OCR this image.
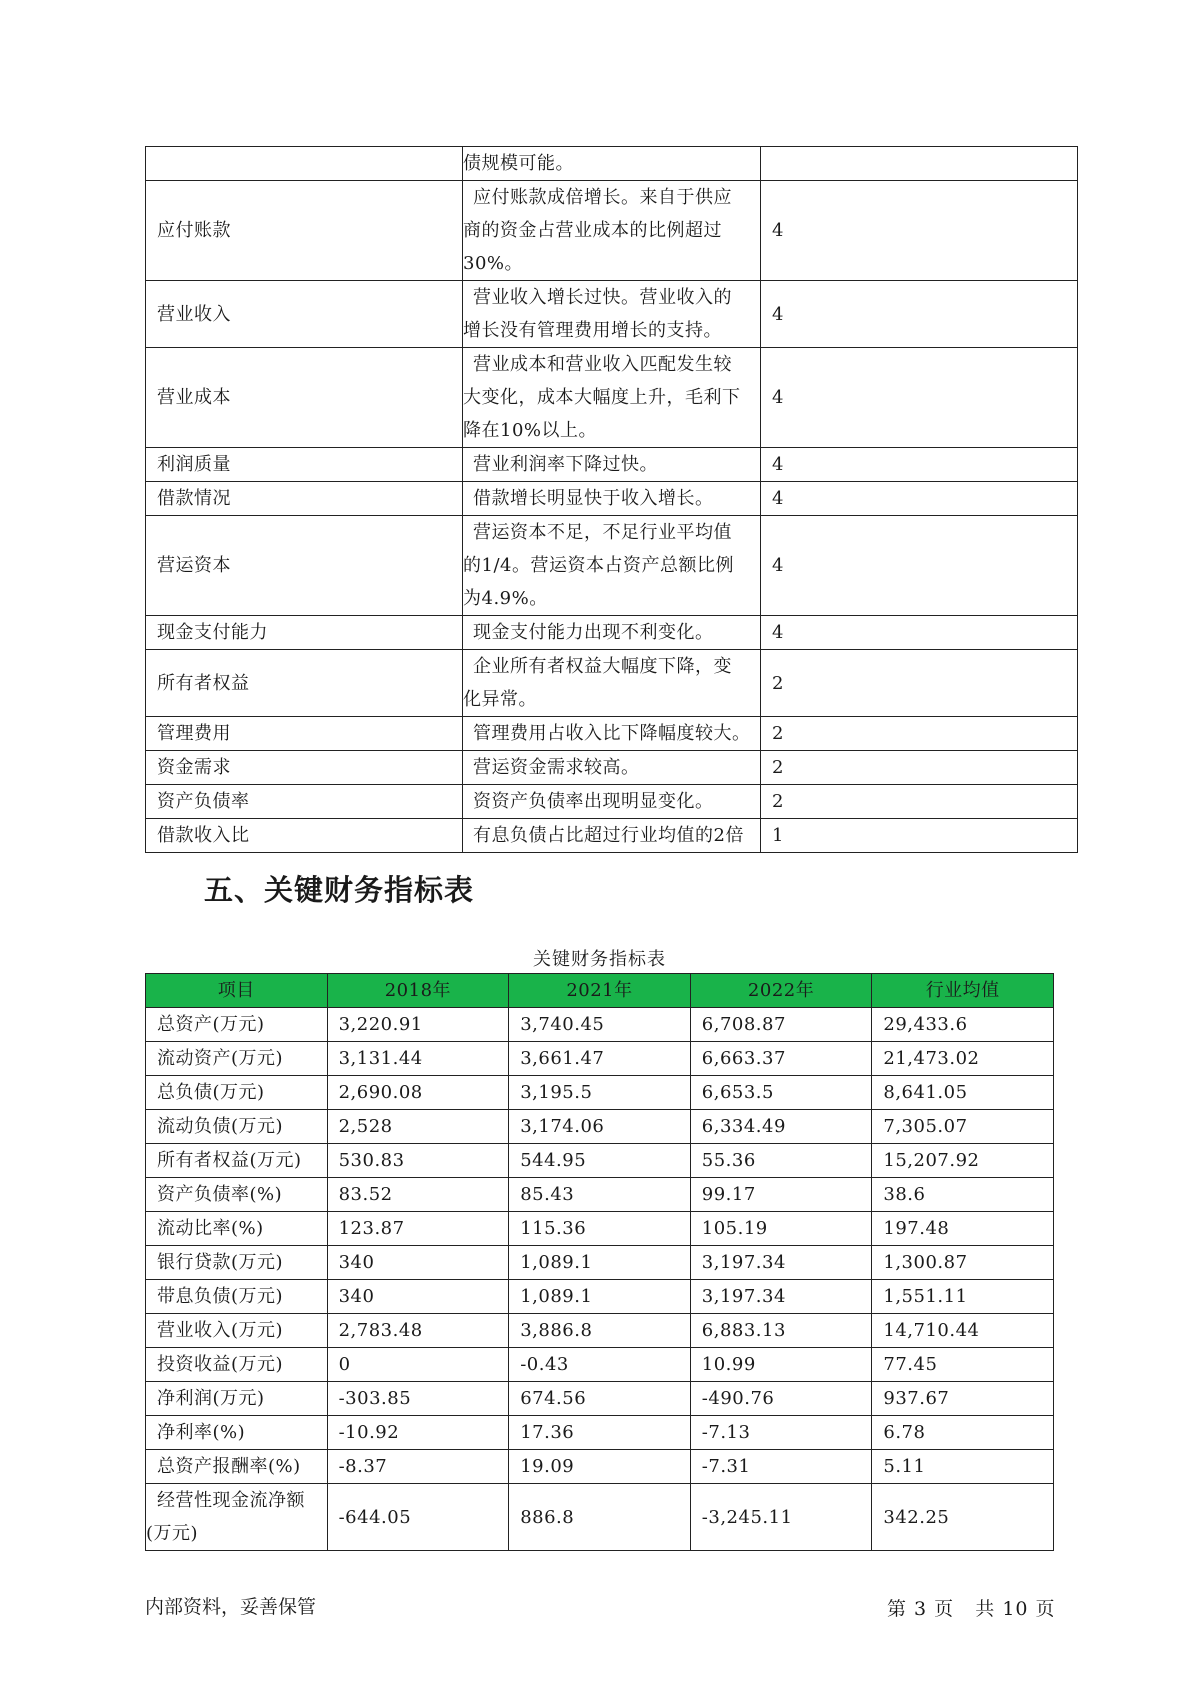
	债规模可能。	

应付账款	应付账款成倍增长。来自于供应
商的资金占营业成本的比例超过
30%。	4
营业收入	营业收入增长过快。营业收入的
增长没有管理费用增长的支持。	4
营业成本	营业成本和营业收入匹配发生较
大变化，成本大幅度上升，毛利下
降在10%以上。	4
利润质量	营业利润率下降过快。	4
借款情况	借款增长明显快于收入增长。	4
营运资本	营运资本不足，不足行业平均值
的1/4。营运资本占资产总额比例
为4.9%。	4
现金支付能力	现金支付能力出现不利变化。	4
所有者权益	企业所有者权益大幅度下降，变
化异常。	2
管理费用	管理费用占收入比下降幅度较大。	2
资金需求	营运资金需求较高。	2
资产负债率	资资产负债率出现明显变化。	2
借款收入比	有息负债占比超过行业均值的2倍	1
五、关键财务指标表
关键财务指标表
项目	2018年	2021年	2022年	行业均值
总资产(万元)	3,220.91	3,740.45	6,708.87	29,433.6
流动资产(万元)	3,131.44	3,661.47	6,663.37	21,473.02
总负债(万元)	2,690.08	3,195.5	6,653.5	8,641.05
流动负债(万元)	2,528	3,174.06	6,334.49	7,305.07
所有者权益(万元)	530.83	544.95	55.36	15,207.92
资产负债率(%)	83.52	85.43	99.17	38.6
流动比率(%)	123.87	115.36	105.19	197.48
银行贷款(万元)	340	1,089.1	3,197.34	1,300.87
带息负债(万元)	340	1,089.1	3,197.34	1,551.11
营业收入(万元)	2,783.48	3,886.8	6,883.13	14,710.44
投资收益(万元)	0	-0.43	10.99	77.45
净利润(万元)	-303.85	674.56	-490.76	937.67
净利率(%)	-10.92	17.36	-7.13	6.78
总资产报酬率(%)	-8.37	19.09	-7.31	5.11

经营性现金流净额
(万元)	-644.05	886.8	-3,245.11	342.25
内部资料，妥善保管	第 3 页   共 10 页
